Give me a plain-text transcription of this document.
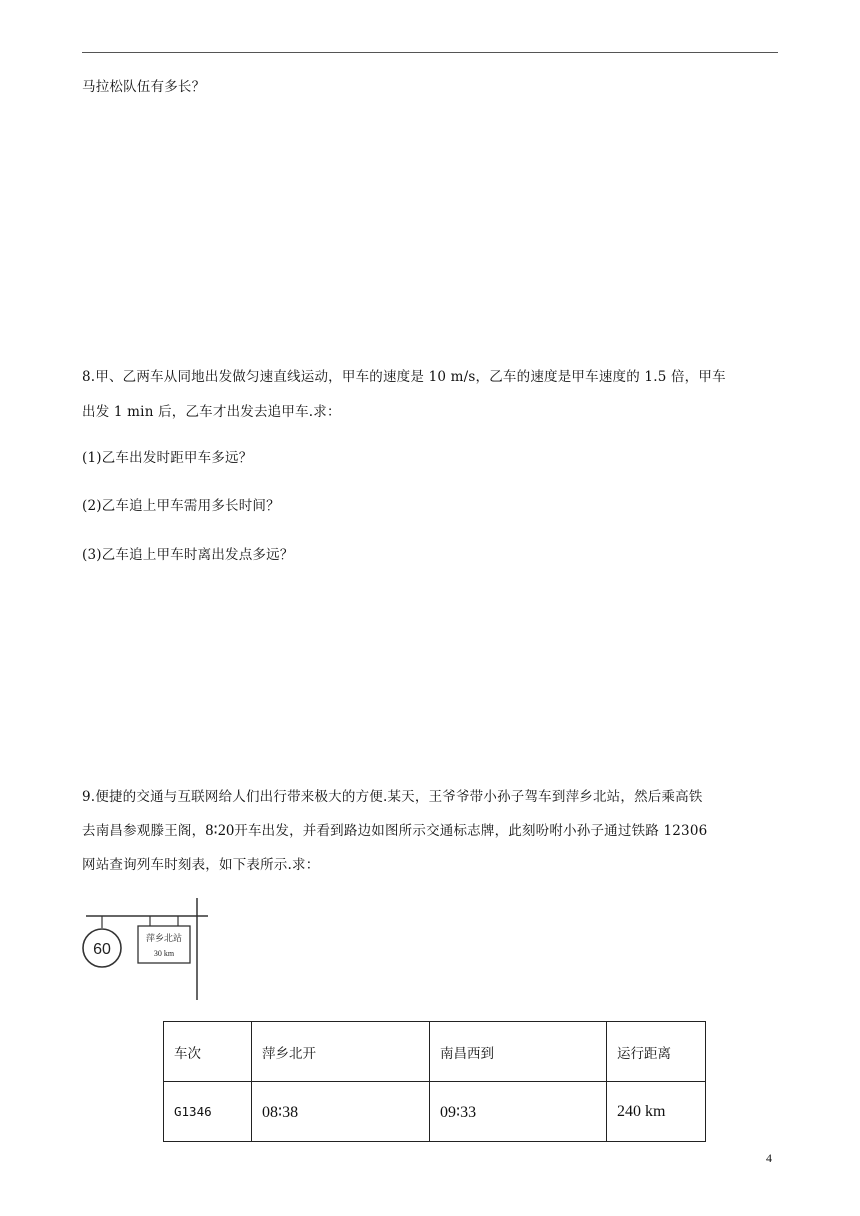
马拉松队伍有多长？
8.甲、乙两车从同地出发做匀速直线运动，甲车的速度是 10 m/s，乙车的速度是甲车速度的 1.5 倍，甲车
出发 1 min 后，乙车才出发去追甲车.求：
(1)乙车出发时距甲车多远？
(2)乙车追上甲车需用多长时间？
(3)乙车追上甲车时离出发点多远？
9.便捷的交通与互联网给人们出行带来极大的方便.某天，王爷爷带小孙子驾车到萍乡北站，然后乘高铁
去南昌参观滕王阁，8∶20开车出发，并看到路边如图所示交通标志牌，此刻吩咐小孙子通过铁路 12306
网站查询列车时刻表，如下表所示.求：
60
萍乡北站
30 km
车次	萍乡北开	南昌西到	运行距离
G1346	08∶38	09∶33	240 km
4
